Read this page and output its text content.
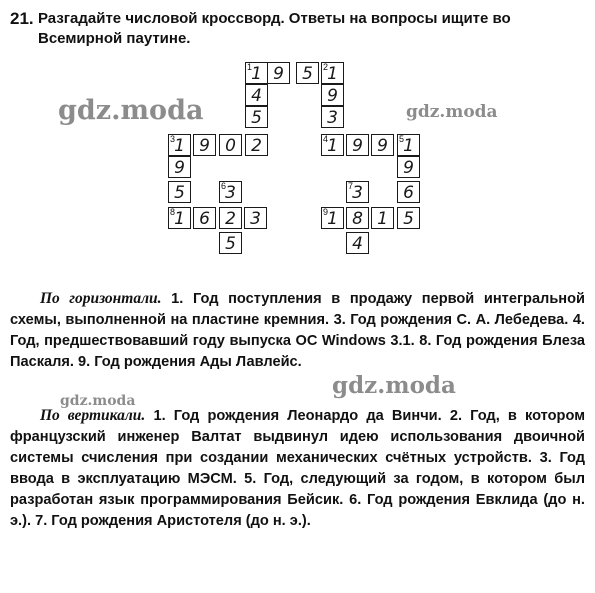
21. Разгадайте числовой кроссворд. Ответы на вопросы ищите во Всемирной паутине.
1 1 9 5	2 1
4	9
5	3
3 1 9 0 2	4 1 9 9	5 1
9	9
5	6 3	7 3 6
8 1 6 2 3	9 1 8 1 5
5	4
gdz.moda	gdz.moda
gdz.moda
gdz.moda
По горизонтали. 1. Год поступления в продажу первой интегральной схемы, выполненной на пластине кремния. 3. Год рождения С. А. Лебедева. 4. Год, предшествовавший году выпуска ОС Windows 3.1. 8. Год рождения Блеза Паскаля. 9. Год рождения Ады Лавлейс.
По вертикали. 1. Год рождения Леонардо да Винчи. 2. Год, в котором французский инженер Валтат выдвинул идею использования двоичной системы счисления при создании механических счётных устройств. 3. Год ввода в эксплуатацию МЭСМ. 5. Год, следующий за годом, в котором был разработан язык программирования Бейсик. 6. Год рождения Евклида (до н. э.). 7. Год рождения Аристотеля (до н. э.).
